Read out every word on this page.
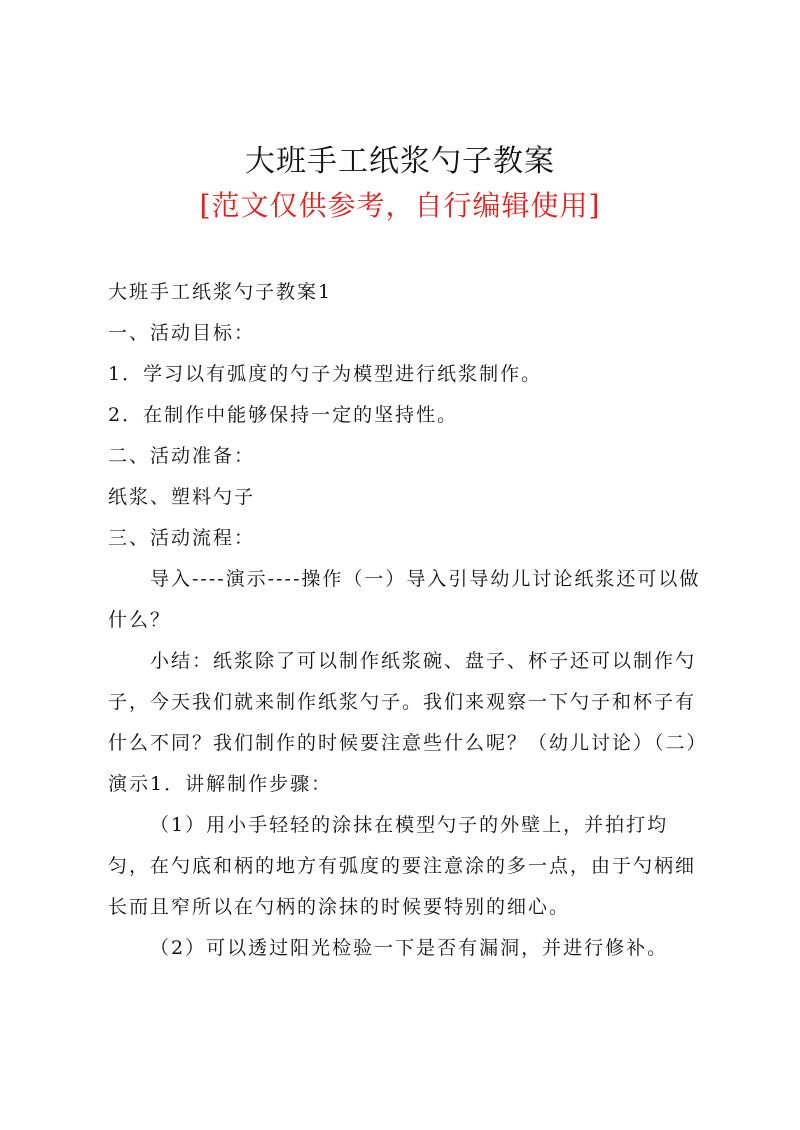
大班手工纸浆勺子教案
[范文仅供参考，自行编辑使用]

大班手工纸浆勺子教案1

一、活动目标：

1．学习以有弧度的勺子为模型进行纸浆制作。

2．在制作中能够保持一定的坚持性。

二、活动准备：

纸浆、塑料勺子

三、活动流程：

导入----演示----操作（一）导入引导幼儿讨论纸浆还可以做什么？

小结：纸浆除了可以制作纸浆碗、盘子、杯子还可以制作勺子，今天我们就来制作纸浆勺子。我们来观察一下勺子和杯子有什么不同？我们制作的时候要注意些什么呢？（幼儿讨论）（二）演示1．讲解制作步骤：

（1）用小手轻轻的涂抹在模型勺子的外壁上，并拍打均匀，在勺底和柄的地方有弧度的要注意涂的多一点，由于勺柄细长而且窄所以在勺柄的涂抹的时候要特别的细心。

（2）可以透过阳光检验一下是否有漏洞，并进行修补。
